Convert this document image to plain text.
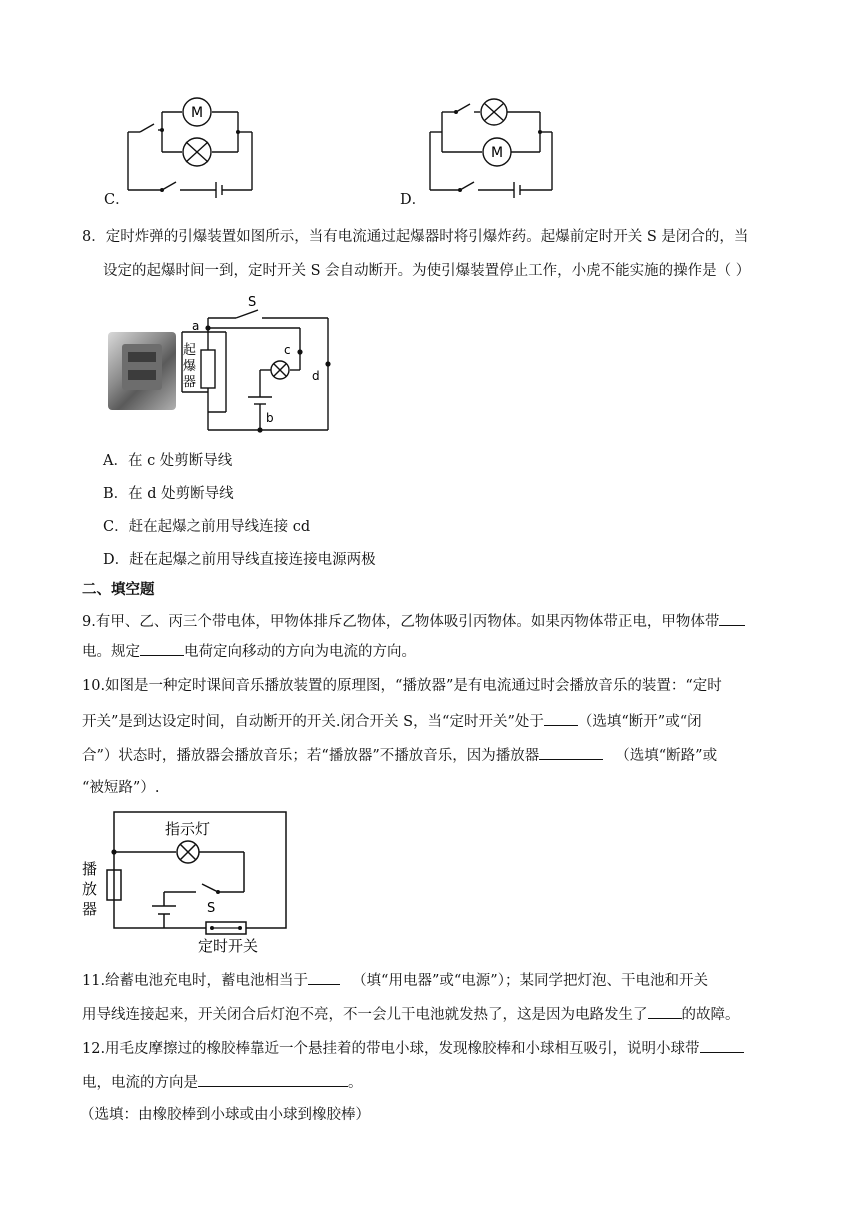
M
C．
M
D．
8．定时炸弹的引爆装置如图所示，当有电流通过起爆器时将引爆炸药。起爆前定时开关 S 是闭合的，当
设定的起爆时间一到，定时开关 S 会自动断开。为使引爆装置停止工作，小虎不能实施的操作是（ ）
S
a
c
d
b
起
爆
器
A．在 c 处剪断导线
B．在 d 处剪断导线
C．赶在起爆之前用导线连接 cd
D．赶在起爆之前用导线直接连接电源两极
二、填空题
9.有甲、乙、丙三个带电体，甲物体排斥乙物体，乙物体吸引丙物体。如果丙物体带正电，甲物体带
电。规定	电荷定向移动的方向为电流的方向。
10.如图是一种定时课间音乐播放装置的原理图，“播放器”是有电流通过时会播放音乐的装置：“定时
开关”是到达设定时间，自动断开的开关.闭合开关 S，当“定时开关”处于 （选填“断开”或“闭
合”）状态时，播放器会播放音乐；若“播放器”不播放音乐，因为播放器	（选填“断路”或
“被短路”）.
指示灯
播
放
器	S
定时开关
11.给蓄电池充电时，蓄电池相当于	（填“用电器”或“电源”）；某同学把灯泡、干电池和开关
用导线连接起来，开关闭合后灯泡不亮，不一会儿干电池就发热了，这是因为电路发生了 的故障。
12.用毛皮摩擦过的橡胶棒靠近一个悬挂着的带电小球，发现橡胶棒和小球相互吸引，说明小球带
电，电流的方向是	。
（选填：由橡胶棒到小球或由小球到橡胶棒）
